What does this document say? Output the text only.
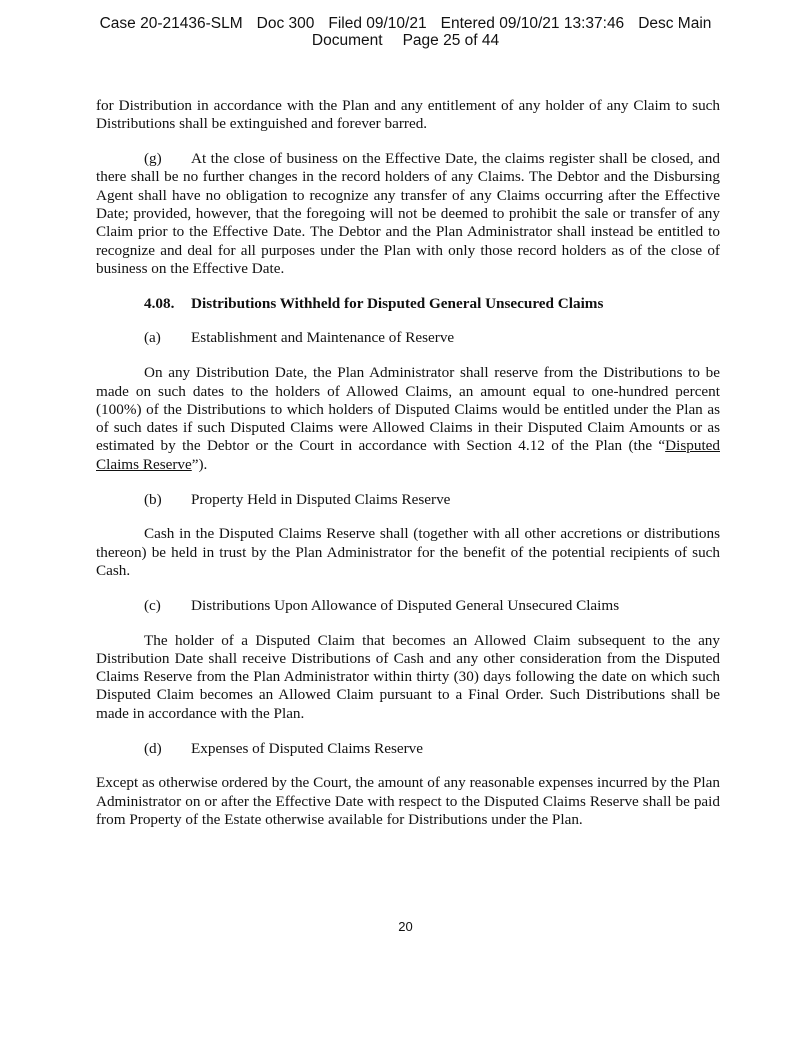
Case 20-21436-SLM Doc 300 Filed 09/10/21 Entered 09/10/21 13:37:46 Desc Main
Document Page 25 of 44

for Distribution in accordance with the Plan and any entitlement of any holder of any Claim to such Distributions shall be extinguished and forever barred.

(g) At the close of business on the Effective Date, the claims register shall be closed, and there shall be no further changes in the record holders of any Claims. The Debtor and the Disbursing Agent shall have no obligation to recognize any transfer of any Claims occurring after the Effective Date; provided, however, that the foregoing will not be deemed to prohibit the sale or transfer of any Claim prior to the Effective Date. The Debtor and the Plan Administrator shall instead be entitled to recognize and deal for all purposes under the Plan with only those record holders as of the close of business on the Effective Date.

4.08. Distributions Withheld for Disputed General Unsecured Claims
(a) Establishment and Maintenance of Reserve

On any Distribution Date, the Plan Administrator shall reserve from the Distributions to be made on such dates to the holders of Allowed Claims, an amount equal to one-hundred percent (100%) of the Distributions to which holders of Disputed Claims would be entitled under the Plan as of such dates if such Disputed Claims were Allowed Claims in their Disputed Claim Amounts or as estimated by the Debtor or the Court in accordance with Section 4.12 of the Plan (the “Disputed Claims Reserve”).

(b) Property Held in Disputed Claims Reserve

Cash in the Disputed Claims Reserve shall (together with all other accretions or distributions thereon) be held in trust by the Plan Administrator for the benefit of the potential recipients of such Cash.

(c) Distributions Upon Allowance of Disputed General Unsecured Claims

The holder of a Disputed Claim that becomes an Allowed Claim subsequent to the any Distribution Date shall receive Distributions of Cash and any other consideration from the Disputed Claims Reserve from the Plan Administrator within thirty (30) days following the date on which such Disputed Claim becomes an Allowed Claim pursuant to a Final Order. Such Distributions shall be made in accordance with the Plan.

(d) Expenses of Disputed Claims Reserve

Except as otherwise ordered by the Court, the amount of any reasonable expenses incurred by the Plan Administrator on or after the Effective Date with respect to the Disputed Claims Reserve shall be paid from Property of the Estate otherwise available for Distributions under the Plan.

20
